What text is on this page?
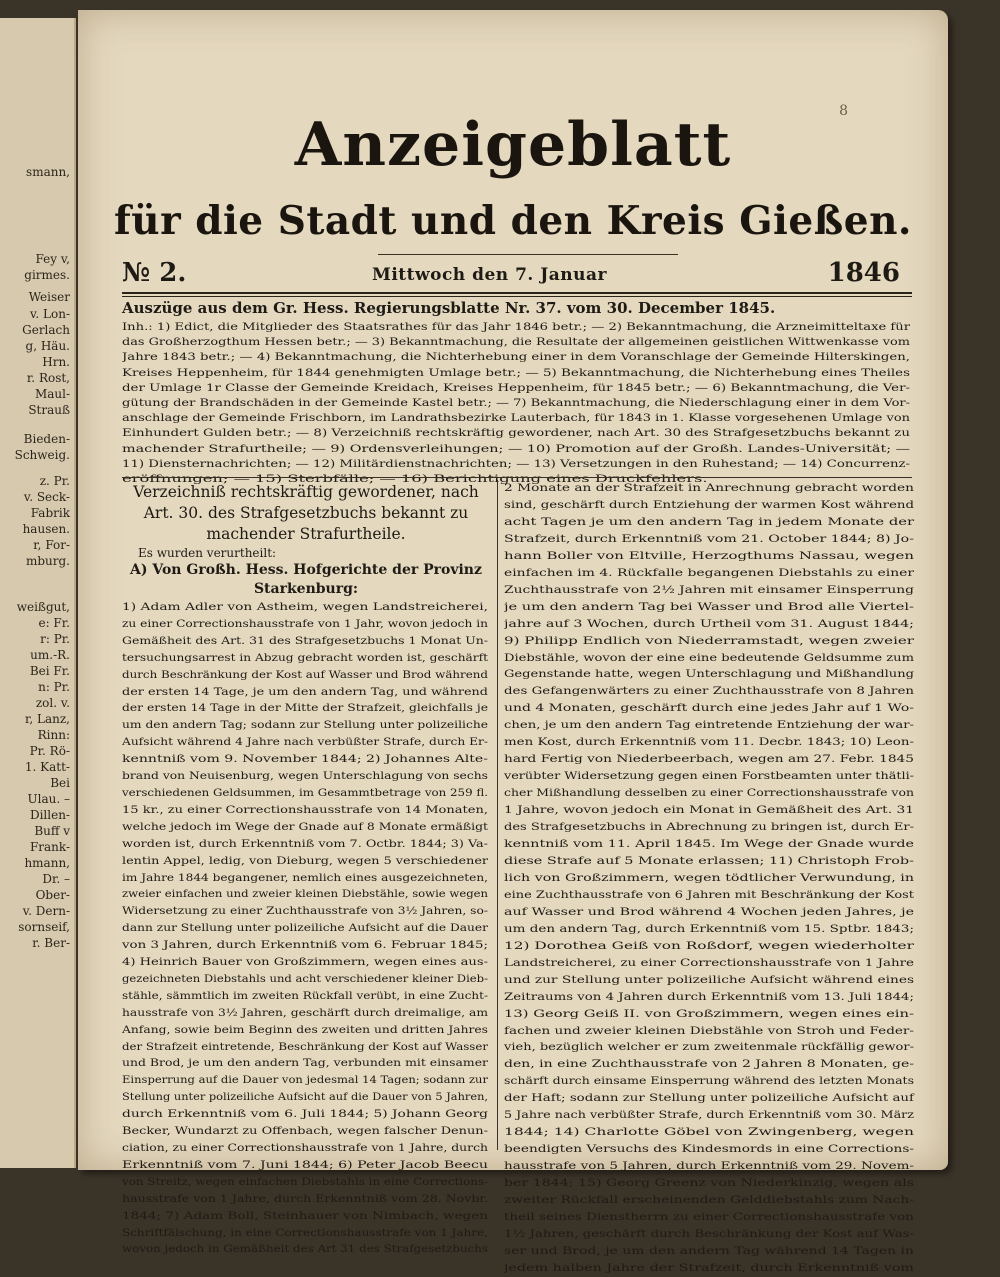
smann,
Fey v,
girmes.
Weiser
v. Lon-
Gerlach
g, Häu.
Hrn.
r. Rost,
Maul-
Strauß
Bieden-
Schweig.
z. Pr.
v. Seck-
Fabrik
hausen.
r, For-
mburg.
weißgut,
e: Fr.
r: Pr.
um.-R.
Bei Fr.
n: Pr.
zol. v.
r, Lanz,
Rinn:
Pr. Rö-
1. Katt-
Bei
Ulau. –
Dillen-
Buff v
Frank-
hmann,
Dr. –
Ober-
v. Dern-
sornseif,
r. Ber-
8
Anzeigeblatt
für die Stadt und den Kreis Gießen.
№ 2.	Mittwoch den 7. Januar	1846
Auszüge aus dem Gr. Hess. Regierungsblatte Nr. 37. vom 30. December 1845.
Inh.: 1) Edict, die Mitglieder des Staatsrathes für das Jahr 1846 betr.; — 2) Bekanntmachung, die Arzneimitteltaxe für
das Großherzogthum Hessen betr.; — 3) Bekanntmachung, die Resultate der allgemeinen geistlichen Wittwenkasse vom
Jahre 1843 betr.; — 4) Bekanntmachung, die Nichterhebung einer in dem Voranschlage der Gemeinde Hilterskingen,
Kreises Heppenheim, für 1844 genehmigten Umlage betr.; — 5) Bekanntmachung, die Nichterhebung eines Theiles
der Umlage 1r Classe der Gemeinde Kreidach, Kreises Heppenheim, für 1845 betr.; — 6) Bekanntmachung, die Ver-
gütung der Brandschäden in der Gemeinde Kastel betr.; — 7) Bekanntmachung, die Niederschlagung einer in dem Vor-
anschlage der Gemeinde Frischborn, im Landrathsbezirke Lauterbach, für 1843 in 1. Klasse vorgesehenen Umlage von
Einhundert Gulden betr.; — 8) Verzeichniß rechtskräftig gewordener, nach Art. 30 des Strafgesetzbuchs bekannt zu
machender Strafurtheile; — 9) Ordensverleihungen; — 10) Promotion auf der Großh. Landes-Universität; —
11) Diensternachrichten; — 12) Militärdienstnachrichten; — 13) Versetzungen in den Ruhestand; — 14) Concurrenz-
eröffnungen; — 15) Sterbfälle; — 16) Berichtigung eines Druckfehlers.
Verzeichniß rechtskräftig gewordener, nach
Art. 30. des Strafgesetzbuchs bekannt zu
machender Strafurtheile.
Es wurden verurtheilt:
A) Von Großh. Hess. Hofgerichte der Provinz
Starkenburg:
1) Adam Adler von Astheim, wegen Landstreicherei,
zu einer Correctionshausstrafe von 1 Jahr, wovon jedoch in
Gemäßheit des Art. 31 des Strafgesetzbuchs 1 Monat Un-
tersuchungsarrest in Abzug gebracht worden ist, geschärft
durch Beschränkung der Kost auf Wasser und Brod während
der ersten 14 Tage, je um den andern Tag, und während
der ersten 14 Tage in der Mitte der Strafzeit, gleichfalls je
um den andern Tag; sodann zur Stellung unter polizeiliche
Aufsicht während 4 Jahre nach verbüßter Strafe, durch Er-
kenntniß vom 9. November 1844; 2) Johannes Alte-
brand von Neuisenburg, wegen Unterschlagung von sechs
verschiedenen Geldsummen, im Gesammtbetrage von 259 fl.
15 kr., zu einer Correctionshausstrafe von 14 Monaten,
welche jedoch im Wege der Gnade auf 8 Monate ermäßigt
worden ist, durch Erkenntniß vom 7. Octbr. 1844; 3) Va-
lentin Appel, ledig, von Dieburg, wegen 5 verschiedener
im Jahre 1844 begangener, nemlich eines ausgezeichneten,
zweier einfachen und zweier kleinen Diebstähle, sowie wegen
Widersetzung zu einer Zuchthausstrafe von 3½ Jahren, so-
dann zur Stellung unter polizeiliche Aufsicht auf die Dauer
von 3 Jahren, durch Erkenntniß vom 6. Februar 1845;
4) Heinrich Bauer von Großzimmern, wegen eines aus-
gezeichneten Diebstahls und acht verschiedener kleiner Dieb-
stähle, sämmtlich im zweiten Rückfall verübt, in eine Zucht-
hausstrafe von 3½ Jahren, geschärft durch dreimalige, am
Anfang, sowie beim Beginn des zweiten und dritten Jahres
der Strafzeit eintretende, Beschränkung der Kost auf Wasser
und Brod, je um den andern Tag, verbunden mit einsamer
Einsperrung auf die Dauer von jedesmal 14 Tagen; sodann zur
Stellung unter polizeiliche Aufsicht auf die Dauer von 5 Jahren,
durch Erkenntniß vom 6. Juli 1844; 5) Johann Georg
Becker, Wundarzt zu Offenbach, wegen falscher Denun-
ciation, zu einer Correctionshausstrafe von 1 Jahre, durch
Erkenntniß vom 7. Juni 1844; 6) Peter Jacob Beecu
von Streitz, wegen einfachen Diebstahls in eine Corrections-
hausstrafe von 1 Jahre, durch Erkenntniß vom 28. Novbr.
1844; 7) Adam Boll, Steinhauer von Nimbach, wegen
Schriftfälschung, in eine Correctionshausstrafe von 1 Jahre,
wovon jedoch in Gemäßheit des Art 31 des Strafgesetzbuchs
2 Monate an der Strafzeit in Anrechnung gebracht worden
sind, geschärft durch Entziehung der warmen Kost während
acht Tagen je um den andern Tag in jedem Monate der
Strafzeit, durch Erkenntniß vom 21. October 1844; 8) Jo-
hann Boller von Eltville, Herzogthums Nassau, wegen
einfachen im 4. Rückfalle begangenen Diebstahls zu einer
Zuchthausstrafe von 2½ Jahren mit einsamer Einsperrung
je um den andern Tag bei Wasser und Brod alle Viertel-
jahre auf 3 Wochen, durch Urtheil vom 31. August 1844;
9) Philipp Endlich von Niederramstadt, wegen zweier
Diebstähle, wovon der eine eine bedeutende Geldsumme zum
Gegenstande hatte, wegen Unterschlagung und Mißhandlung
des Gefangenwärters zu einer Zuchthausstrafe von 8 Jahren
und 4 Monaten, geschärft durch eine jedes Jahr auf 1 Wo-
chen, je um den andern Tag eintretende Entziehung der war-
men Kost, durch Erkenntniß vom 11. Decbr. 1843; 10) Leon-
hard Fertig von Niederbeerbach, wegen am 27. Febr. 1845
verübter Widersetzung gegen einen Forstbeamten unter thätli-
cher Mißhandlung desselben zu einer Correctionshausstrafe von
1 Jahre, wovon jedoch ein Monat in Gemäßheit des Art. 31
des Strafgesetzbuchs in Abrechnung zu bringen ist, durch Er-
kenntniß vom 11. April 1845. Im Wege der Gnade wurde
diese Strafe auf 5 Monate erlassen; 11) Christoph Frob-
lich von Großzimmern, wegen tödtlicher Verwundung, in
eine Zuchthausstrafe von 6 Jahren mit Beschränkung der Kost
auf Wasser und Brod während 4 Wochen jeden Jahres, je
um den andern Tag, durch Erkenntniß vom 15. Sptbr. 1843;
12) Dorothea Geiß von Roßdorf, wegen wiederholter
Landstreicherei, zu einer Correctionshausstrafe von 1 Jahre
und zur Stellung unter polizeiliche Aufsicht während eines
Zeitraums von 4 Jahren durch Erkenntniß vom 13. Juli 1844;
13) Georg Geiß II. von Großzimmern, wegen eines ein-
fachen und zweier kleinen Diebstähle von Stroh und Feder-
vieh, bezüglich welcher er zum zweitenmale rückfällig gewor-
den, in eine Zuchthausstrafe von 2 Jahren 8 Monaten, ge-
schärft durch einsame Einsperrung während des letzten Monats
der Haft; sodann zur Stellung unter polizeiliche Aufsicht auf
5 Jahre nach verbüßter Strafe, durch Erkenntniß vom 30. März
1844; 14) Charlotte Göbel von Zwingenberg, wegen
beendigten Versuchs des Kindesmords in eine Corrections-
hausstrafe von 5 Jahren, durch Erkenntniß vom 29. Novem-
ber 1844; 15) Georg Greenz von Niederkinzig, wegen als
zweiter Rückfall erscheinenden Gelddiebstahls zum Nach-
theil seines Dienstherrn zu einer Correctionshausstrafe von
1½ Jahren, geschärft durch Beschränkung der Kost auf Was-
ser und Brod, je um den andern Tag während 14 Tagen in
jedem halben Jahre der Strafzeit, durch Erkenntniß vom
